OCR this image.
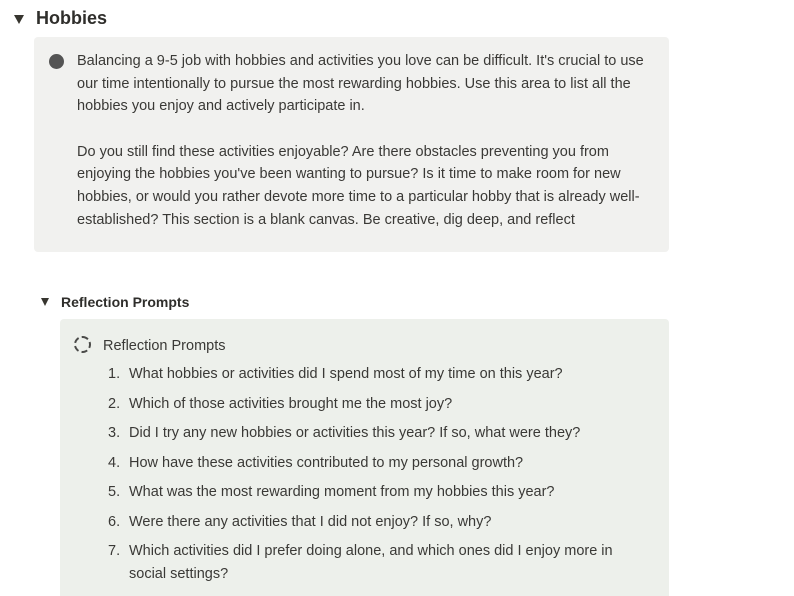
Hobbies

Balancing a 9-5 job with hobbies and activities you love can be difficult. It's crucial to use our time intentionally to pursue the most rewarding hobbies. Use this area to list all the hobbies you enjoy and actively participate in.

Do you still find these activities enjoyable? Are there obstacles preventing you from enjoying the hobbies you've been wanting to pursue? Is it time to make room for new hobbies, or would you rather devote more time to a particular hobby that is already well-established? This section is a blank canvas. Be creative, dig deep, and reflect

Reflection Prompts
Reflection Prompts
1. What hobbies or activities did I spend most of my time on this year?
2. Which of those activities brought me the most joy?
3. Did I try any new hobbies or activities this year? If so, what were they?
4. How have these activities contributed to my personal growth?
5. What was the most rewarding moment from my hobbies this year?
6. Were there any activities that I did not enjoy? If so, why?
7. Which activities did I prefer doing alone, and which ones did I enjoy more in social settings?
